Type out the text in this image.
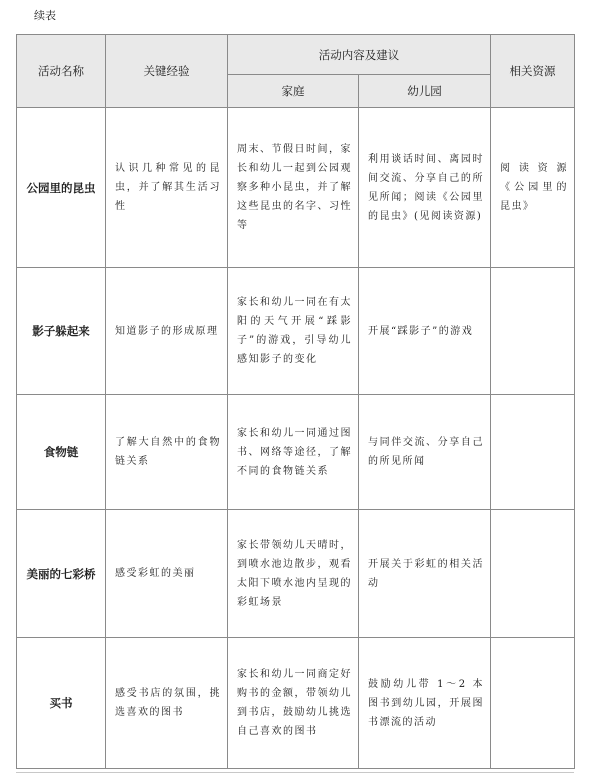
续表
活动名称	关键经验	活动内容及建议		相关资源
		家庭	幼儿园	
公园里的昆虫	认识几种常见的昆虫，并了解其生活习性	周末、节假日时间，家长和幼儿一起到公园观察多种小昆虫，并了解这些昆虫的名字、习性等	利用谈话时间、离园时间交流、分享自己的所见所闻；阅读《公园里的昆虫》(见阅读资源)	阅读资源《公园里的昆虫》
影子躲起来	知道影子的形成原理	家长和幼儿一同在有太阳的天气开展“踩影子”的游戏，引导幼儿感知影子的变化	开展“踩影子”的游戏	
食物链	了解大自然中的食物链关系	家长和幼儿一同通过图书、网络等途径，了解不同的食物链关系	与同伴交流、分享自己的所见所闻	
美丽的七彩桥	感受彩虹的美丽	家长带领幼儿天晴时，到喷水池边散步，观看太阳下喷水池内呈现的彩虹场景	开展关于彩虹的相关活动	
买书	感受书店的氛围，挑选喜欢的图书	家长和幼儿一同商定好购书的金额，带领幼儿到书店，鼓励幼儿挑选自己喜欢的图书	鼓励幼儿带 1～2 本图书到幼儿园，开展图书漂流的活动	
